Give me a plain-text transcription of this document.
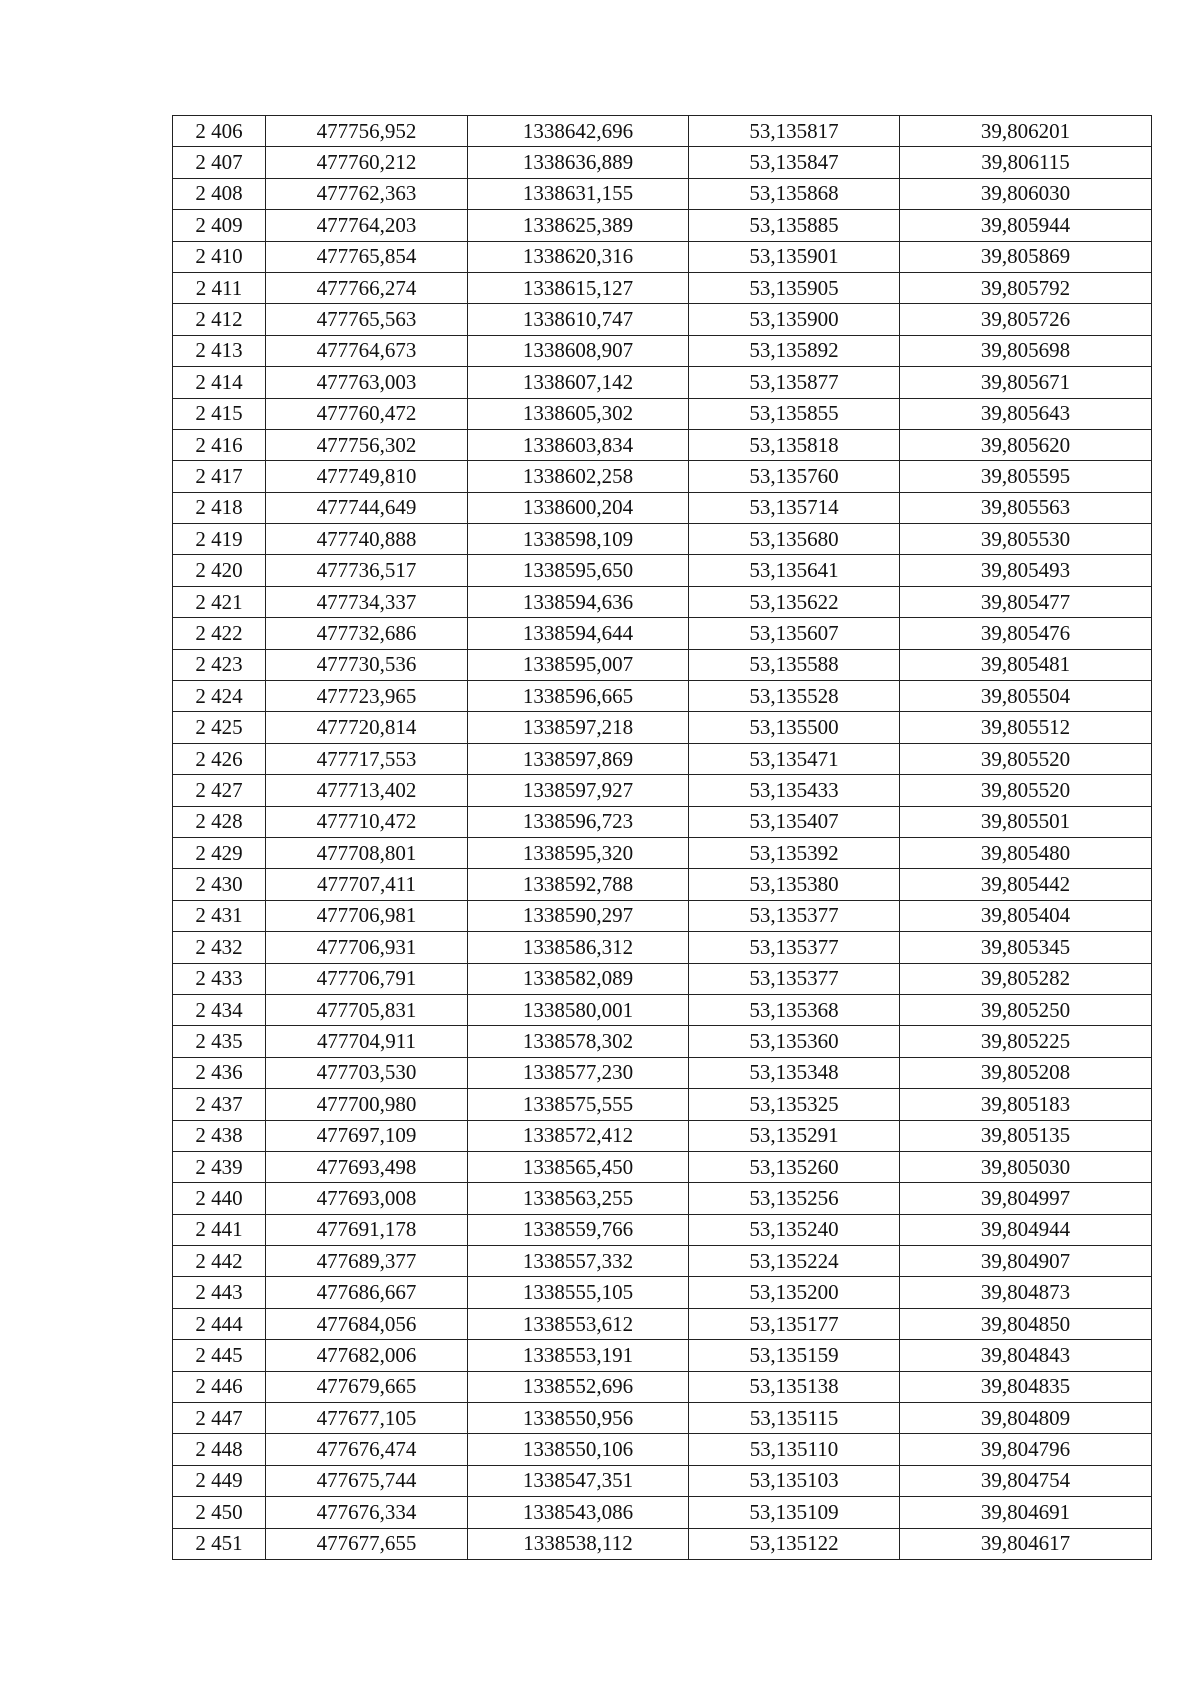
2 406	477756,952	1338642,696	53,135817	39,806201
2 407	477760,212	1338636,889	53,135847	39,806115
2 408	477762,363	1338631,155	53,135868	39,806030
2 409	477764,203	1338625,389	53,135885	39,805944
2 410	477765,854	1338620,316	53,135901	39,805869
2 411	477766,274	1338615,127	53,135905	39,805792
2 412	477765,563	1338610,747	53,135900	39,805726
2 413	477764,673	1338608,907	53,135892	39,805698
2 414	477763,003	1338607,142	53,135877	39,805671
2 415	477760,472	1338605,302	53,135855	39,805643
2 416	477756,302	1338603,834	53,135818	39,805620
2 417	477749,810	1338602,258	53,135760	39,805595
2 418	477744,649	1338600,204	53,135714	39,805563
2 419	477740,888	1338598,109	53,135680	39,805530
2 420	477736,517	1338595,650	53,135641	39,805493
2 421	477734,337	1338594,636	53,135622	39,805477
2 422	477732,686	1338594,644	53,135607	39,805476
2 423	477730,536	1338595,007	53,135588	39,805481
2 424	477723,965	1338596,665	53,135528	39,805504
2 425	477720,814	1338597,218	53,135500	39,805512
2 426	477717,553	1338597,869	53,135471	39,805520
2 427	477713,402	1338597,927	53,135433	39,805520
2 428	477710,472	1338596,723	53,135407	39,805501
2 429	477708,801	1338595,320	53,135392	39,805480
2 430	477707,411	1338592,788	53,135380	39,805442
2 431	477706,981	1338590,297	53,135377	39,805404
2 432	477706,931	1338586,312	53,135377	39,805345
2 433	477706,791	1338582,089	53,135377	39,805282
2 434	477705,831	1338580,001	53,135368	39,805250
2 435	477704,911	1338578,302	53,135360	39,805225
2 436	477703,530	1338577,230	53,135348	39,805208
2 437	477700,980	1338575,555	53,135325	39,805183
2 438	477697,109	1338572,412	53,135291	39,805135
2 439	477693,498	1338565,450	53,135260	39,805030
2 440	477693,008	1338563,255	53,135256	39,804997
2 441	477691,178	1338559,766	53,135240	39,804944
2 442	477689,377	1338557,332	53,135224	39,804907
2 443	477686,667	1338555,105	53,135200	39,804873
2 444	477684,056	1338553,612	53,135177	39,804850
2 445	477682,006	1338553,191	53,135159	39,804843
2 446	477679,665	1338552,696	53,135138	39,804835
2 447	477677,105	1338550,956	53,135115	39,804809
2 448	477676,474	1338550,106	53,135110	39,804796
2 449	477675,744	1338547,351	53,135103	39,804754
2 450	477676,334	1338543,086	53,135109	39,804691
2 451	477677,655	1338538,112	53,135122	39,804617
